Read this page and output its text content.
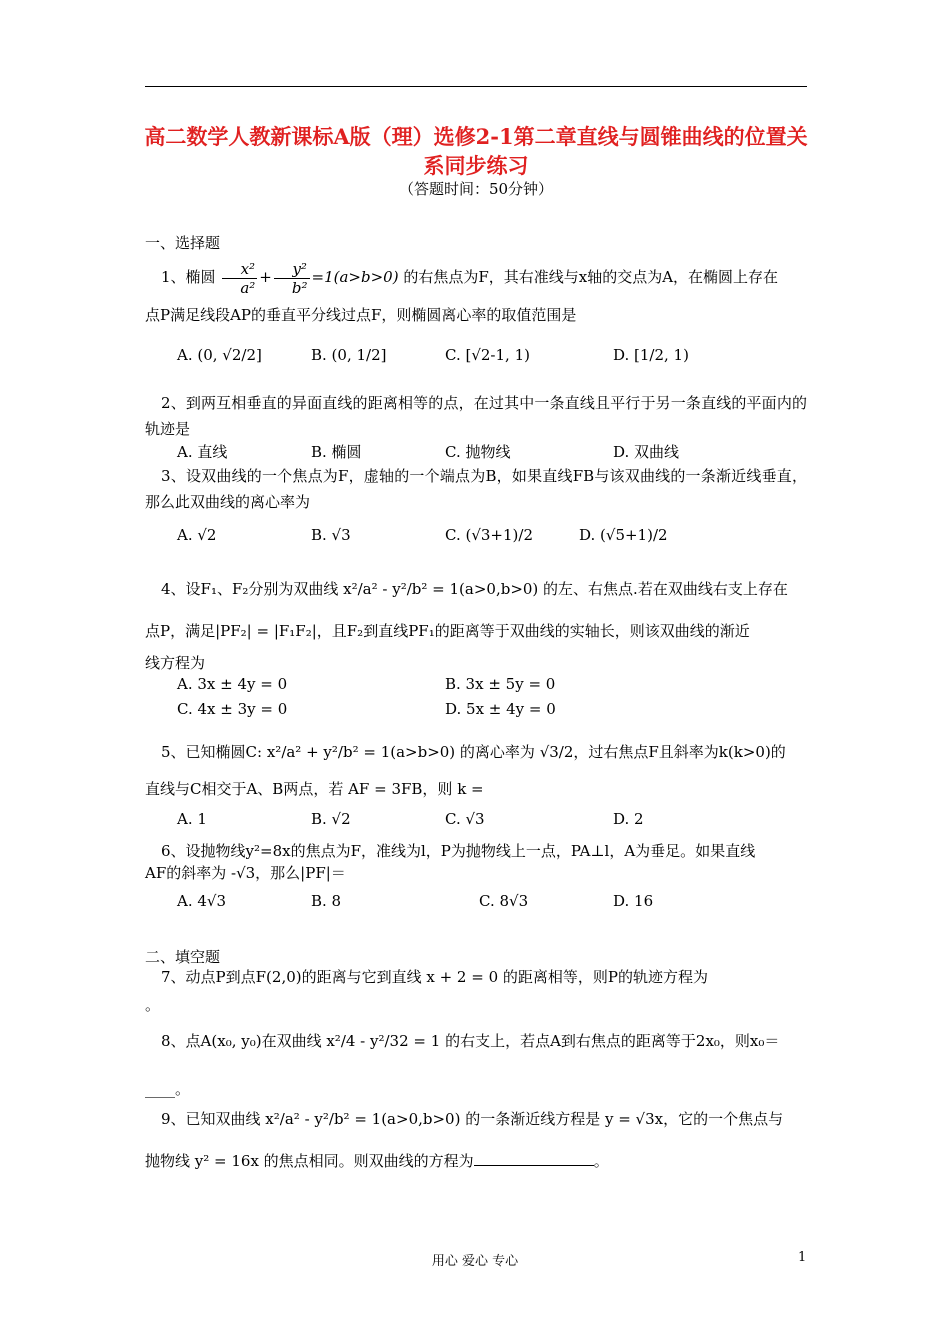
高二数学人教新课标A版（理）选修2-1第二章直线与圆锥曲线的位置关系同步练习
（答题时间：50分钟）
一、选择题

1、椭圆 $\frac{\text{x²}}{\text{a²}} + \frac{\text{y²}}{\text{b²}} =1(a>b>0)$ 的右焦点为F，其右准线与x轴的交点为A，在椭圆上存在

点P满足线段AP的垂直平分线过点F，则椭圆离心率的取值范围是
A. (0, √2/2]	B. (0, 1/2]	C. [√2-1, 1)	D. [1/2, 1)

2、到两互相垂直的异面直线的距离相等的点，在过其中一条直线且平行于另一条直线的平面内的轨迹是

A. 直线	B. 椭圆	C. 抛物线	D. 双曲线

3、设双曲线的一个焦点为F，虚轴的一个端点为B，如果直线FB与该双曲线的一条渐近线垂直，那么此双曲线的离心率为

A. √2	B. √3	C. (√3+1)/2	D. (√5+1)/2

4、设F₁、F₂分别为双曲线 x²/a² - y²/b² = 1(a>0,b>0) 的左、右焦点.若在双曲线右支上存在

点P，满足|PF₂| = |F₁F₂|，且F₂到直线PF₁的距离等于双曲线的实轴长，则该双曲线的渐近
线方程为
A. 3x ± 4y = 0	B. 3x ± 5y = 0
C. 4x ± 3y = 0	D. 5x ± 4y = 0

5、已知椭圆C: x²/a² + y²/b² = 1(a>b>0) 的离心率为 √3/2，过右焦点F且斜率为k(k>0)的

直线与C相交于A、B两点，若 AF = 3FB，则 k =
A. 1	B. √2	C. √3	D. 2

6、设抛物线y²=8x的焦点为F，准线为l，P为抛物线上一点，PA⊥l，A为垂足。如果直线

AF的斜率为 -√3，那么|PF|＝
A. 4√3	B. 8	C. 8√3	D. 16
二、填空题

7、动点P到点F(2,0)的距离与它到直线 x + 2 = 0 的距离相等，则P的轨迹方程为

。

8、点A(x₀, y₀)在双曲线 x²/4 - y²/32 = 1 的右支上，若点A到右焦点的距离等于2x₀，则x₀＝

____。

9、已知双曲线 x²/a² - y²/b² = 1(a>0,b>0) 的一条渐近线方程是 y = √3x，它的一个焦点与

抛物线 y² = 16x 的焦点相同。则双曲线的方程为	。
用心 爱心 专心	1
